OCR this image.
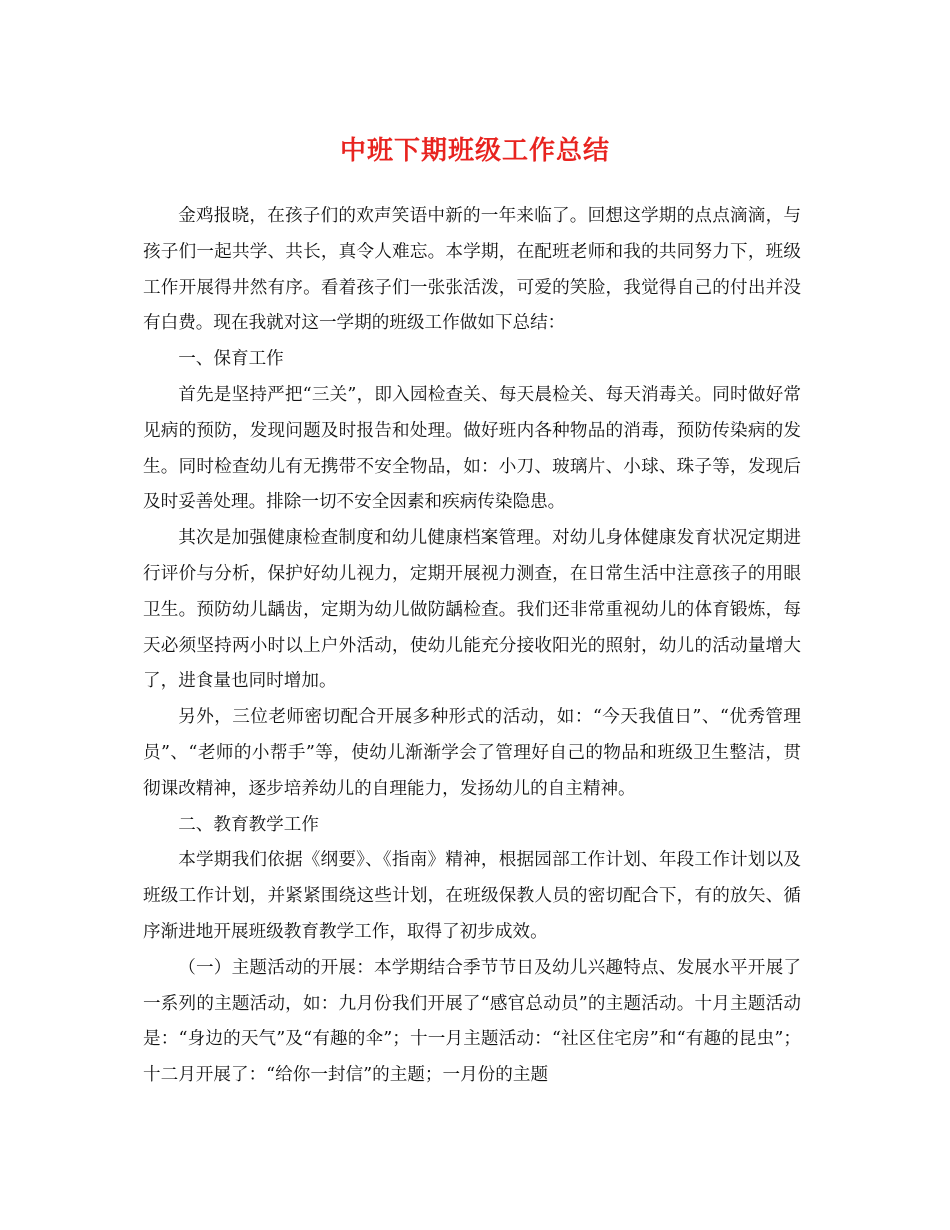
中班下期班级工作总结

金鸡报晓，在孩子们的欢声笑语中新的一年来临了。回想这学期的点点滴滴，与孩子们一起共学、共长，真令人难忘。本学期，在配班老师和我的共同努力下，班级工作开展得井然有序。看着孩子们一张张活泼，可爱的笑脸，我觉得自己的付出并没有白费。现在我就对这一学期的班级工作做如下总结：

一、保育工作

首先是坚持严把“三关”，即入园检查关、每天晨检关、每天消毒关。同时做好常见病的预防，发现问题及时报告和处理。做好班内各种物品的消毒，预防传染病的发生。同时检查幼儿有无携带不安全物品，如：小刀、玻璃片、小球、珠子等，发现后及时妥善处理。排除一切不安全因素和疾病传染隐患。

其次是加强健康检查制度和幼儿健康档案管理。对幼儿身体健康发育状况定期进行评价与分析，保护好幼儿视力，定期开展视力测查，在日常生活中注意孩子的用眼卫生。预防幼儿龋齿，定期为幼儿做防龋检查。我们还非常重视幼儿的体育锻炼，每天必须坚持两小时以上户外活动，使幼儿能充分接收阳光的照射，幼儿的活动量增大了，进食量也同时增加。

另外，三位老师密切配合开展多种形式的活动，如：“今天我值日”、“优秀管理员”、“老师的小帮手”等，使幼儿渐渐学会了管理好自己的物品和班级卫生整洁，贯彻课改精神，逐步培养幼儿的自理能力，发扬幼儿的自主精神。

二、教育教学工作

本学期我们依据《纲要》、《指南》精神，根据园部工作计划、年段工作计划以及班级工作计划，并紧紧围绕这些计划，在班级保教人员的密切配合下，有的放矢、循序渐进地开展班级教育教学工作，取得了初步成效。

（一）主题活动的开展：本学期结合季节节日及幼儿兴趣特点、发展水平开展了一系列的主题活动，如：九月份我们开展了“感官总动员”的主题活动。十月主题活动是：“身边的天气”及“有趣的伞”；十一月主题活动：“社区住宅房”和“有趣的昆虫”；十二月开展了：“给你一封信”的主题；一月份的主题
